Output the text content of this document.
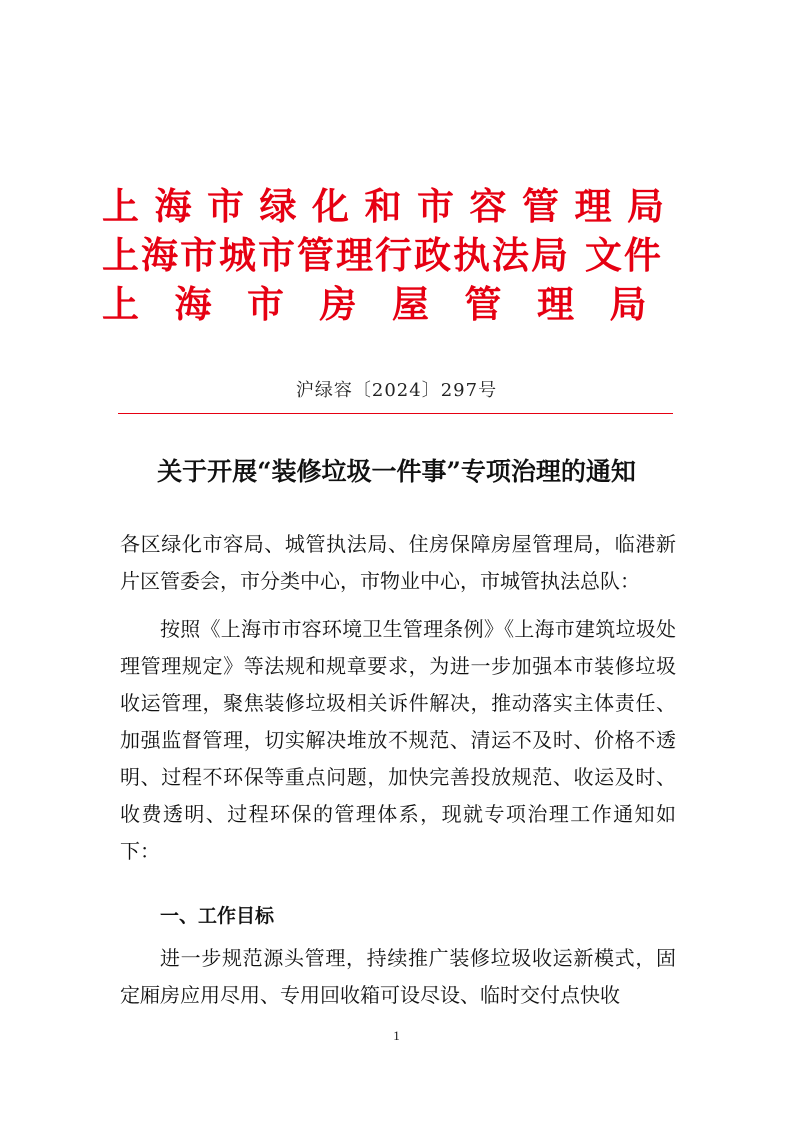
上海市绿化和市容管理局
上海市城市管理行政执法局 文件
上海市房屋管理局
沪绿容〔2024〕297号
关于开展“装修垃圾一件事”专项治理的通知

各区绿化市容局、城管执法局、住房保障房屋管理局，临港新片区管委会，市分类中心，市物业中心，市城管执法总队：

按照《上海市市容环境卫生管理条例》《上海市建筑垃圾处理管理规定》等法规和规章要求，为进一步加强本市装修垃圾收运管理，聚焦装修垃圾相关诉件解决，推动落实主体责任、加强监督管理，切实解决堆放不规范、清运不及时、价格不透明、过程不环保等重点问题，加快完善投放规范、收运及时、收费透明、过程环保的管理体系，现就专项治理工作通知如下：

一、工作目标

进一步规范源头管理，持续推广装修垃圾收运新模式，固定厢房应用尽用、专用回收箱可设尽设、临时交付点快收

1
